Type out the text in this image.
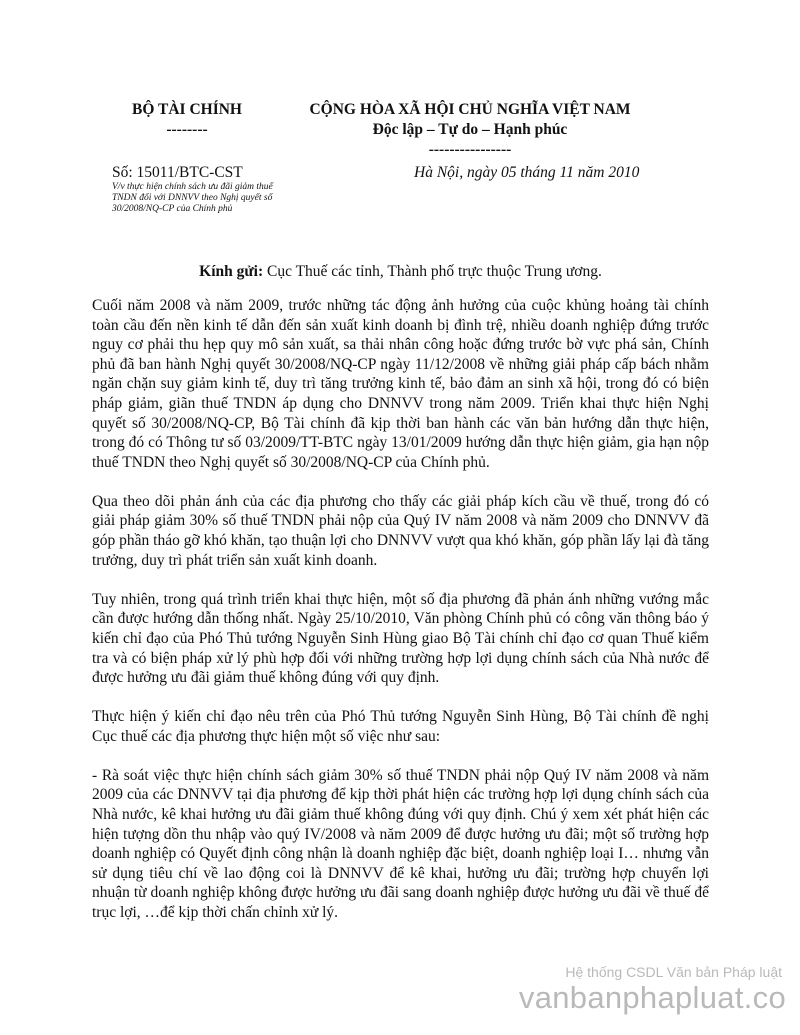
BỘ TÀI CHÍNH
--------
CỘNG HÒA XÃ HỘI CHỦ NGHĨA VIỆT NAM
Độc lập – Tự do – Hạnh phúc
----------------
Số: 15011/BTC-CST
V/v thực hiện chính sách ưu đãi giảm thuế TNDN đối với DNNVV theo Nghị quyết số 30/2008/NQ-CP của Chính phủ
Hà Nội, ngày 05 tháng 11 năm 2010
Kính gửi: Cục Thuế các tỉnh, Thành phố trực thuộc Trung ương.

Cuối năm 2008 và năm 2009, trước những tác động ảnh hưởng của cuộc khủng hoảng tài chính toàn cầu đến nền kinh tế dẫn đến sản xuất kinh doanh bị đình trệ, nhiều doanh nghiệp đứng trước nguy cơ phải thu hẹp quy mô sản xuất, sa thải nhân công hoặc đứng trước bờ vực phá sản, Chính phủ đã ban hành Nghị quyết 30/2008/NQ-CP ngày 11/12/2008 về những giải pháp cấp bách nhằm ngăn chặn suy giảm kinh tế, duy trì tăng trưởng kinh tế, bảo đảm an sinh xã hội, trong đó có biện pháp giảm, giãn thuế TNDN áp dụng cho DNNVV trong năm 2009. Triển khai thực hiện Nghị quyết số 30/2008/NQ-CP, Bộ Tài chính đã kịp thời ban hành các văn bản hướng dẫn thực hiện, trong đó có Thông tư số 03/2009/TT-BTC ngày 13/01/2009 hướng dẫn thực hiện giảm, gia hạn nộp thuế TNDN theo Nghị quyết số 30/2008/NQ-CP của Chính phủ.

Qua theo dõi phản ánh của các địa phương cho thấy các giải pháp kích cầu về thuế, trong đó có giải pháp giảm 30% số thuế TNDN phải nộp của Quý IV năm 2008 và năm 2009 cho DNNVV đã góp phần tháo gỡ khó khăn, tạo thuận lợi cho DNNVV vượt qua khó khăn, góp phần lấy lại đà tăng trưởng, duy trì phát triển sản xuất kinh doanh.

Tuy nhiên, trong quá trình triển khai thực hiện, một số địa phương đã phản ánh những vướng mắc cần được hướng dẫn thống nhất. Ngày 25/10/2010, Văn phòng Chính phủ có công văn thông báo ý kiến chỉ đạo của Phó Thủ tướng Nguyễn Sinh Hùng giao Bộ Tài chính chỉ đạo cơ quan Thuế kiểm tra và có biện pháp xử lý phù hợp đối với những trường hợp lợi dụng chính sách của Nhà nước để được hưởng ưu đãi giảm thuế không đúng với quy định.

Thực hiện ý kiến chỉ đạo nêu trên của Phó Thủ tướng Nguyễn Sinh Hùng, Bộ Tài chính đề nghị Cục thuế các địa phương thực hiện một số việc như sau:

- Rà soát việc thực hiện chính sách giảm 30% số thuế TNDN phải nộp Quý IV năm 2008 và năm 2009 của các DNNVV tại địa phương để kịp thời phát hiện các trường hợp lợi dụng chính sách của Nhà nước, kê khai hưởng ưu đãi giảm thuế không đúng với quy định. Chú ý xem xét phát hiện các hiện tượng dồn thu nhập vào quý IV/2008 và năm 2009 để được hưởng ưu đãi; một số trường hợp doanh nghiệp có Quyết định công nhận là doanh nghiệp đặc biệt, doanh nghiệp loại I… nhưng vẫn sử dụng tiêu chí về lao động coi là DNNVV để kê khai, hưởng ưu đãi; trường hợp chuyển lợi nhuận từ doanh nghiệp không được hưởng ưu đãi sang doanh nghiệp được hưởng ưu đãi về thuế để trục lợi, …để kịp thời chấn chỉnh xử lý.

Hệ thống CSDL Văn bản Pháp luật
vanbanphapluat.co
